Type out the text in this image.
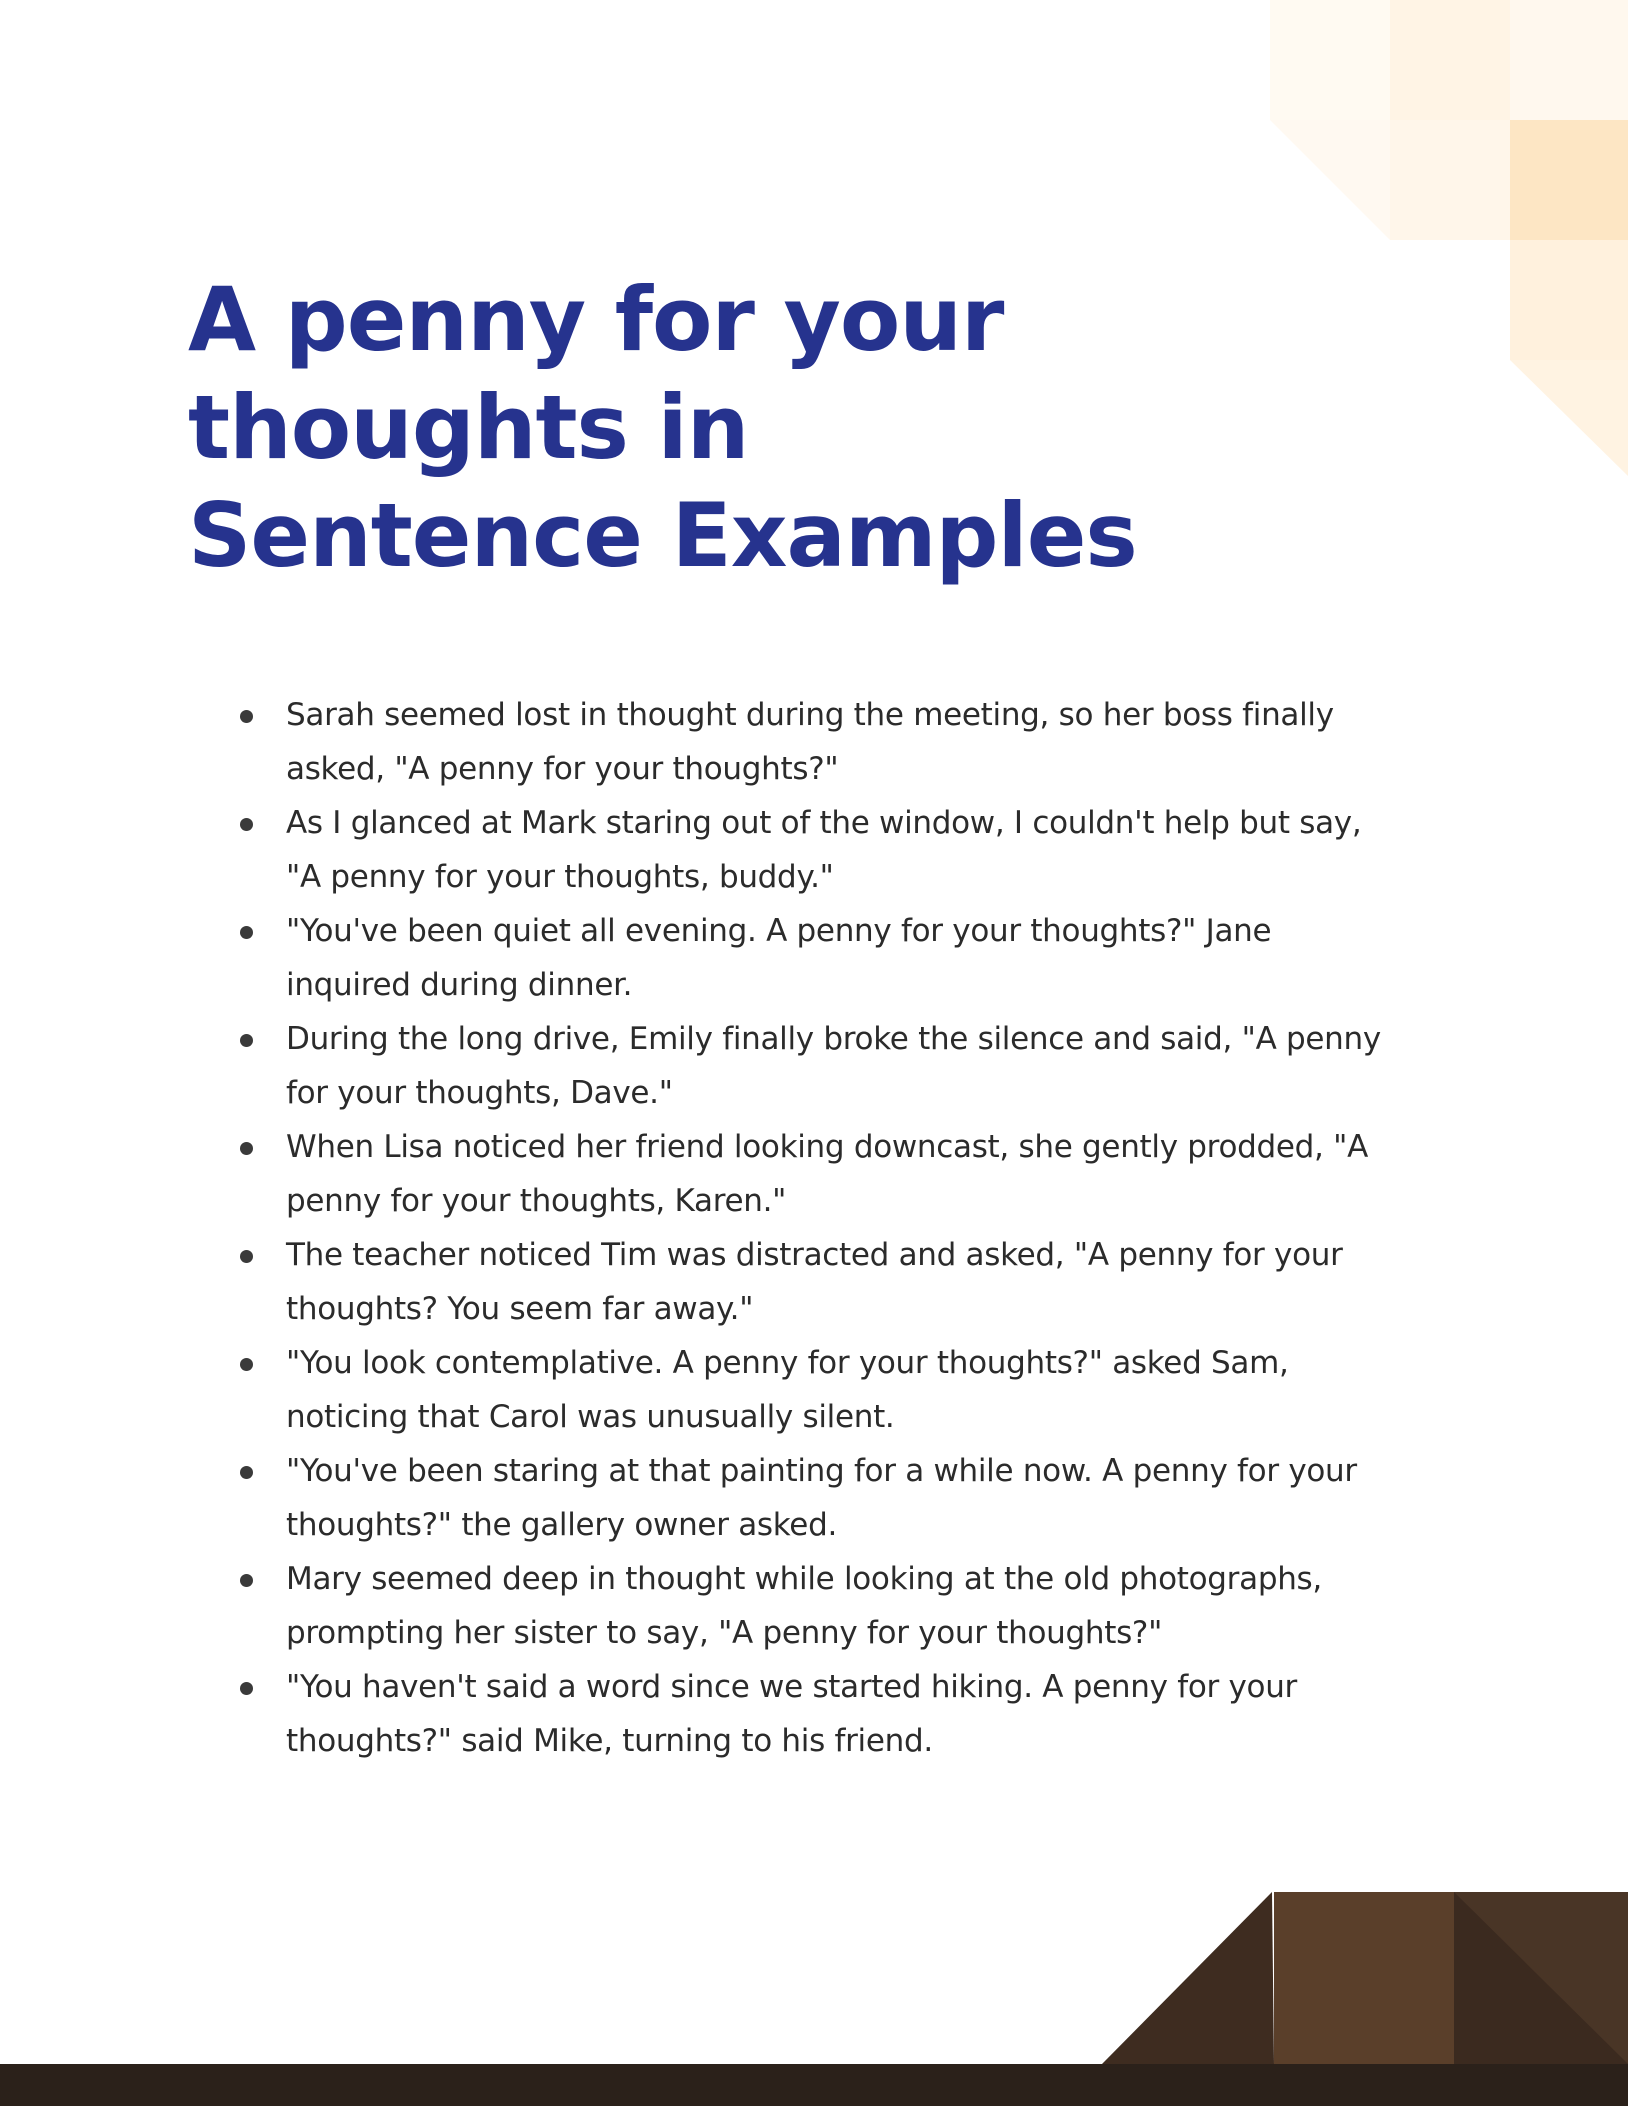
A penny for your
thoughts in
Sentence Examples
Sarah seemed lost in thought during the meeting, so her boss finally
asked, "A penny for your thoughts?"
As I glanced at Mark staring out of the window, I couldn't help but say,
"A penny for your thoughts, buddy."
"You've been quiet all evening. A penny for your thoughts?" Jane
inquired during dinner.
During the long drive, Emily finally broke the silence and said, "A penny
for your thoughts, Dave."
When Lisa noticed her friend looking downcast, she gently prodded, "A
penny for your thoughts, Karen."
The teacher noticed Tim was distracted and asked, "A penny for your
thoughts? You seem far away."
"You look contemplative. A penny for your thoughts?" asked Sam,
noticing that Carol was unusually silent.
"You've been staring at that painting for a while now. A penny for your
thoughts?" the gallery owner asked.
Mary seemed deep in thought while looking at the old photographs,
prompting her sister to say, "A penny for your thoughts?"
"You haven't said a word since we started hiking. A penny for your
thoughts?" said Mike, turning to his friend.
